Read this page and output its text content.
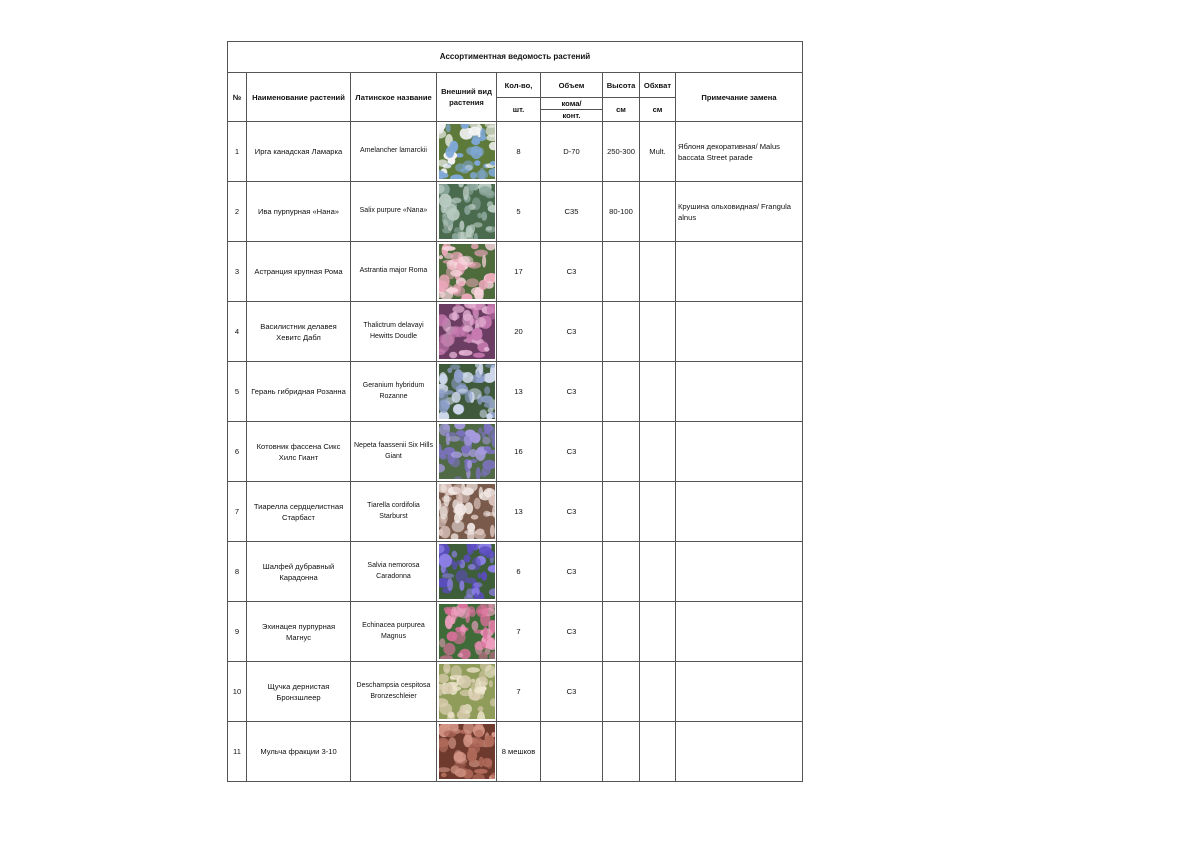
Ассортиментная ведомость растений								
№	Наименование растений	Латинское название	Внешний вид растения	Кол-во,	Объем	Высота	Обхват	Примечание замена
				шт.	кома/	см	см	
					конт.			
1	Ирга канадская Ламарка	Amelancher lamarckii		8	D-70	250-300	Mult.	Яблоня декоративная/ Malus baccata Street parade
2	Ива пурпурная «Нана»	Salix purpure «Nana»		5	C35	80-100		Крушина ольховидная/ Frangula alnus
3	Астранция крупная Рома	Astrantia major Roma		17	C3			
4	Василистник делавея Хевитс Дабл	Thalictrum delavayi Hewitts Doudle		20	C3			
5	Герань гибридная Розанна	Geranium hybridum Rozanne		13	C3			
6	Котовник фассена Сикс Хилс Гиант	Nepeta faassenii Six Hills Giant		16	C3			
7	Тиарелла сердцелистная Старбаст	Tiarella cordifolia Starburst		13	C3			
8	Шалфей дубравный Карадонна	Salvia nemorosa Caradonna		6	C3			
9	Эхинацея пурпурная Магнус	Echinacea purpurea Magnus		7	C3			
10	Щучка дернистая Бронзшлеер	Deschampsia cespitosa Bronzeschleier		7	C3			
11	Мульча фракции 3-10			8 мешков				
